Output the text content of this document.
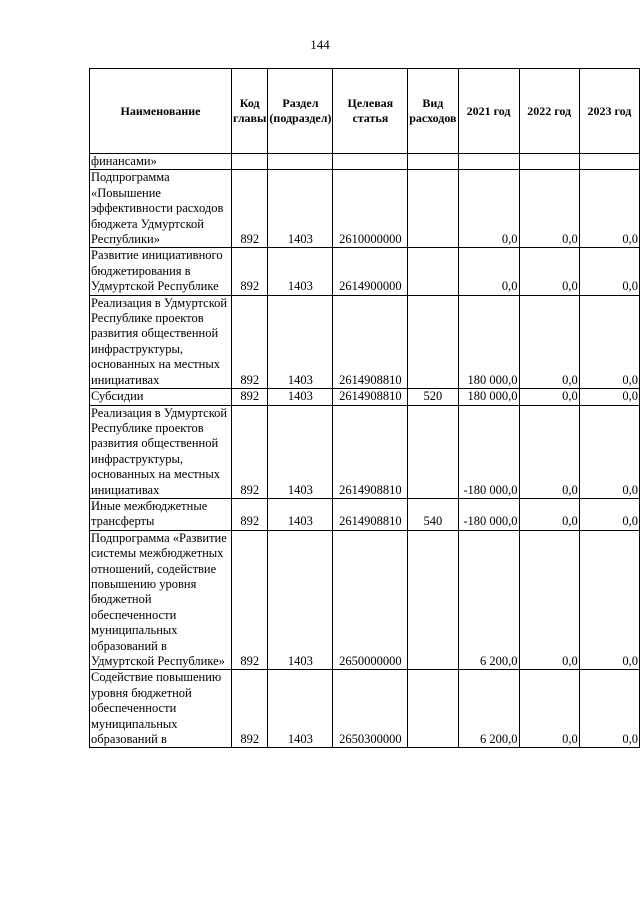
144
Наименование	Код главы	Раздел (подраздел)	Целевая статья	Вид расходов	2021 год	2022 год	2023 год
финансами»							
Подпрограмма «Повышение эффективности расходов бюджета Удмуртской Республики»	892	1403	2610000000		0,0	0,0	0,0
Развитие инициативного бюджетирования в Удмуртской Республике	892	1403	2614900000		0,0	0,0	0,0
Реализация в Удмуртской Республике проектов развития общественной инфраструктуры, основанных на местных инициативах	892	1403	2614908810		180 000,0	0,0	0,0
Субсидии	892	1403	2614908810	520	180 000,0	0,0	0,0
Реализация в Удмуртской Республике проектов развития общественной инфраструктуры, основанных на местных инициативах	892	1403	2614908810		-180 000,0	0,0	0,0
Иные межбюджетные трансферты	892	1403	2614908810	540	-180 000,0	0,0	0,0
Подпрограмма «Развитие системы межбюджетных отношений, содействие повышению уровня бюджетной обеспеченности муниципальных образований в Удмуртской Республике»	892	1403	2650000000		6 200,0	0,0	0,0
Содействие повышению уровня бюджетной обеспеченности муниципальных образований в	892	1403	2650300000		6 200,0	0,0	0,0
